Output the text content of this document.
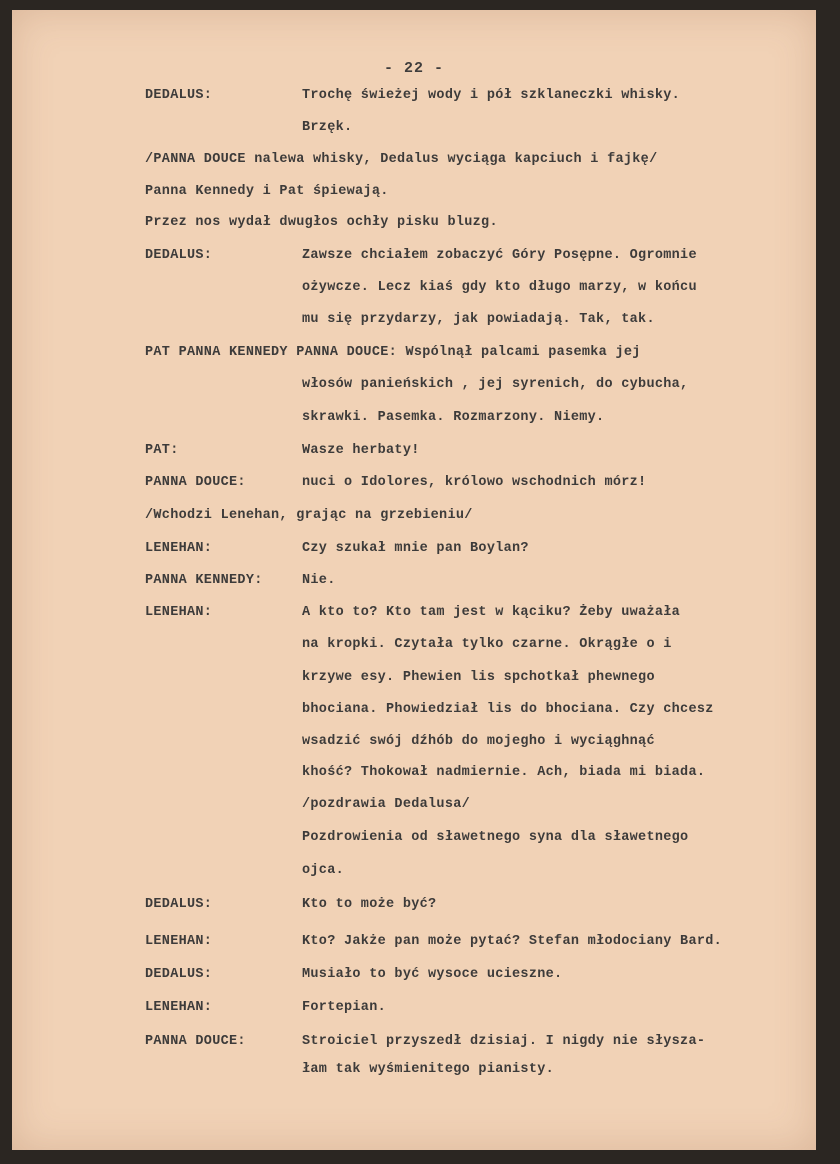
- 22 -
DEDALUS:	Trochę świeżej wody i pół szklaneczki whisky.
Brzęk.
/PANNA DOUCE nalewa whisky, Dedalus wyciąga kapciuch i fajkę/
Panna Kennedy i Pat śpiewają.
Przez nos wydał dwugłos ochły pisku bluzg.
DEDALUS:	Zawsze chciałem zobaczyć Góry Posępne. Ogromnie
ożywcze. Lecz kiaś gdy kto długo marzy, w końcu
mu się przydarzy, jak powiadają. Tak, tak.
PAT PANNA KENNEDY PANNA DOUCE: Wspólnął palcami pasemka jej
włosów panieńskich , jej syrenich, do cybucha,
skrawki. Pasemka. Rozmarzony. Niemy.
PAT:	Wasze herbaty!
PANNA DOUCE:	nuci o Idolores, królowo wschodnich mórz!
/Wchodzi Lenehan, grając na grzebieniu/
LENEHAN:	Czy szukał mnie pan Boylan?
PANNA KENNEDY:	Nie.
LENEHAN:	A kto to? Kto tam jest w kąciku? Żeby uważała
na kropki. Czytała tylko czarne. Okrągłe o i
krzywe esy. Phewien lis spchotkał phewnego
bhociana. Phowiedział lis do bhociana. Czy chcesz
wsadzić swój dźhób do mojegho i wyciąghnąć
khość? Thokował nadmiernie. Ach, biada mi biada.
/pozdrawia Dedalusa/
Pozdrowienia od sławetnego syna dla sławetnego
ojca.
DEDALUS:	Kto to może być?
LENEHAN:	Kto? Jakże pan może pytać? Stefan młodociany Bard.
DEDALUS:	Musiało to być wysoce ucieszne.
LENEHAN:	Fortepian.
PANNA DOUCE:	Stroiciel przyszedł dzisiaj. I nigdy nie słysza-
łam tak wyśmienitego pianisty.
